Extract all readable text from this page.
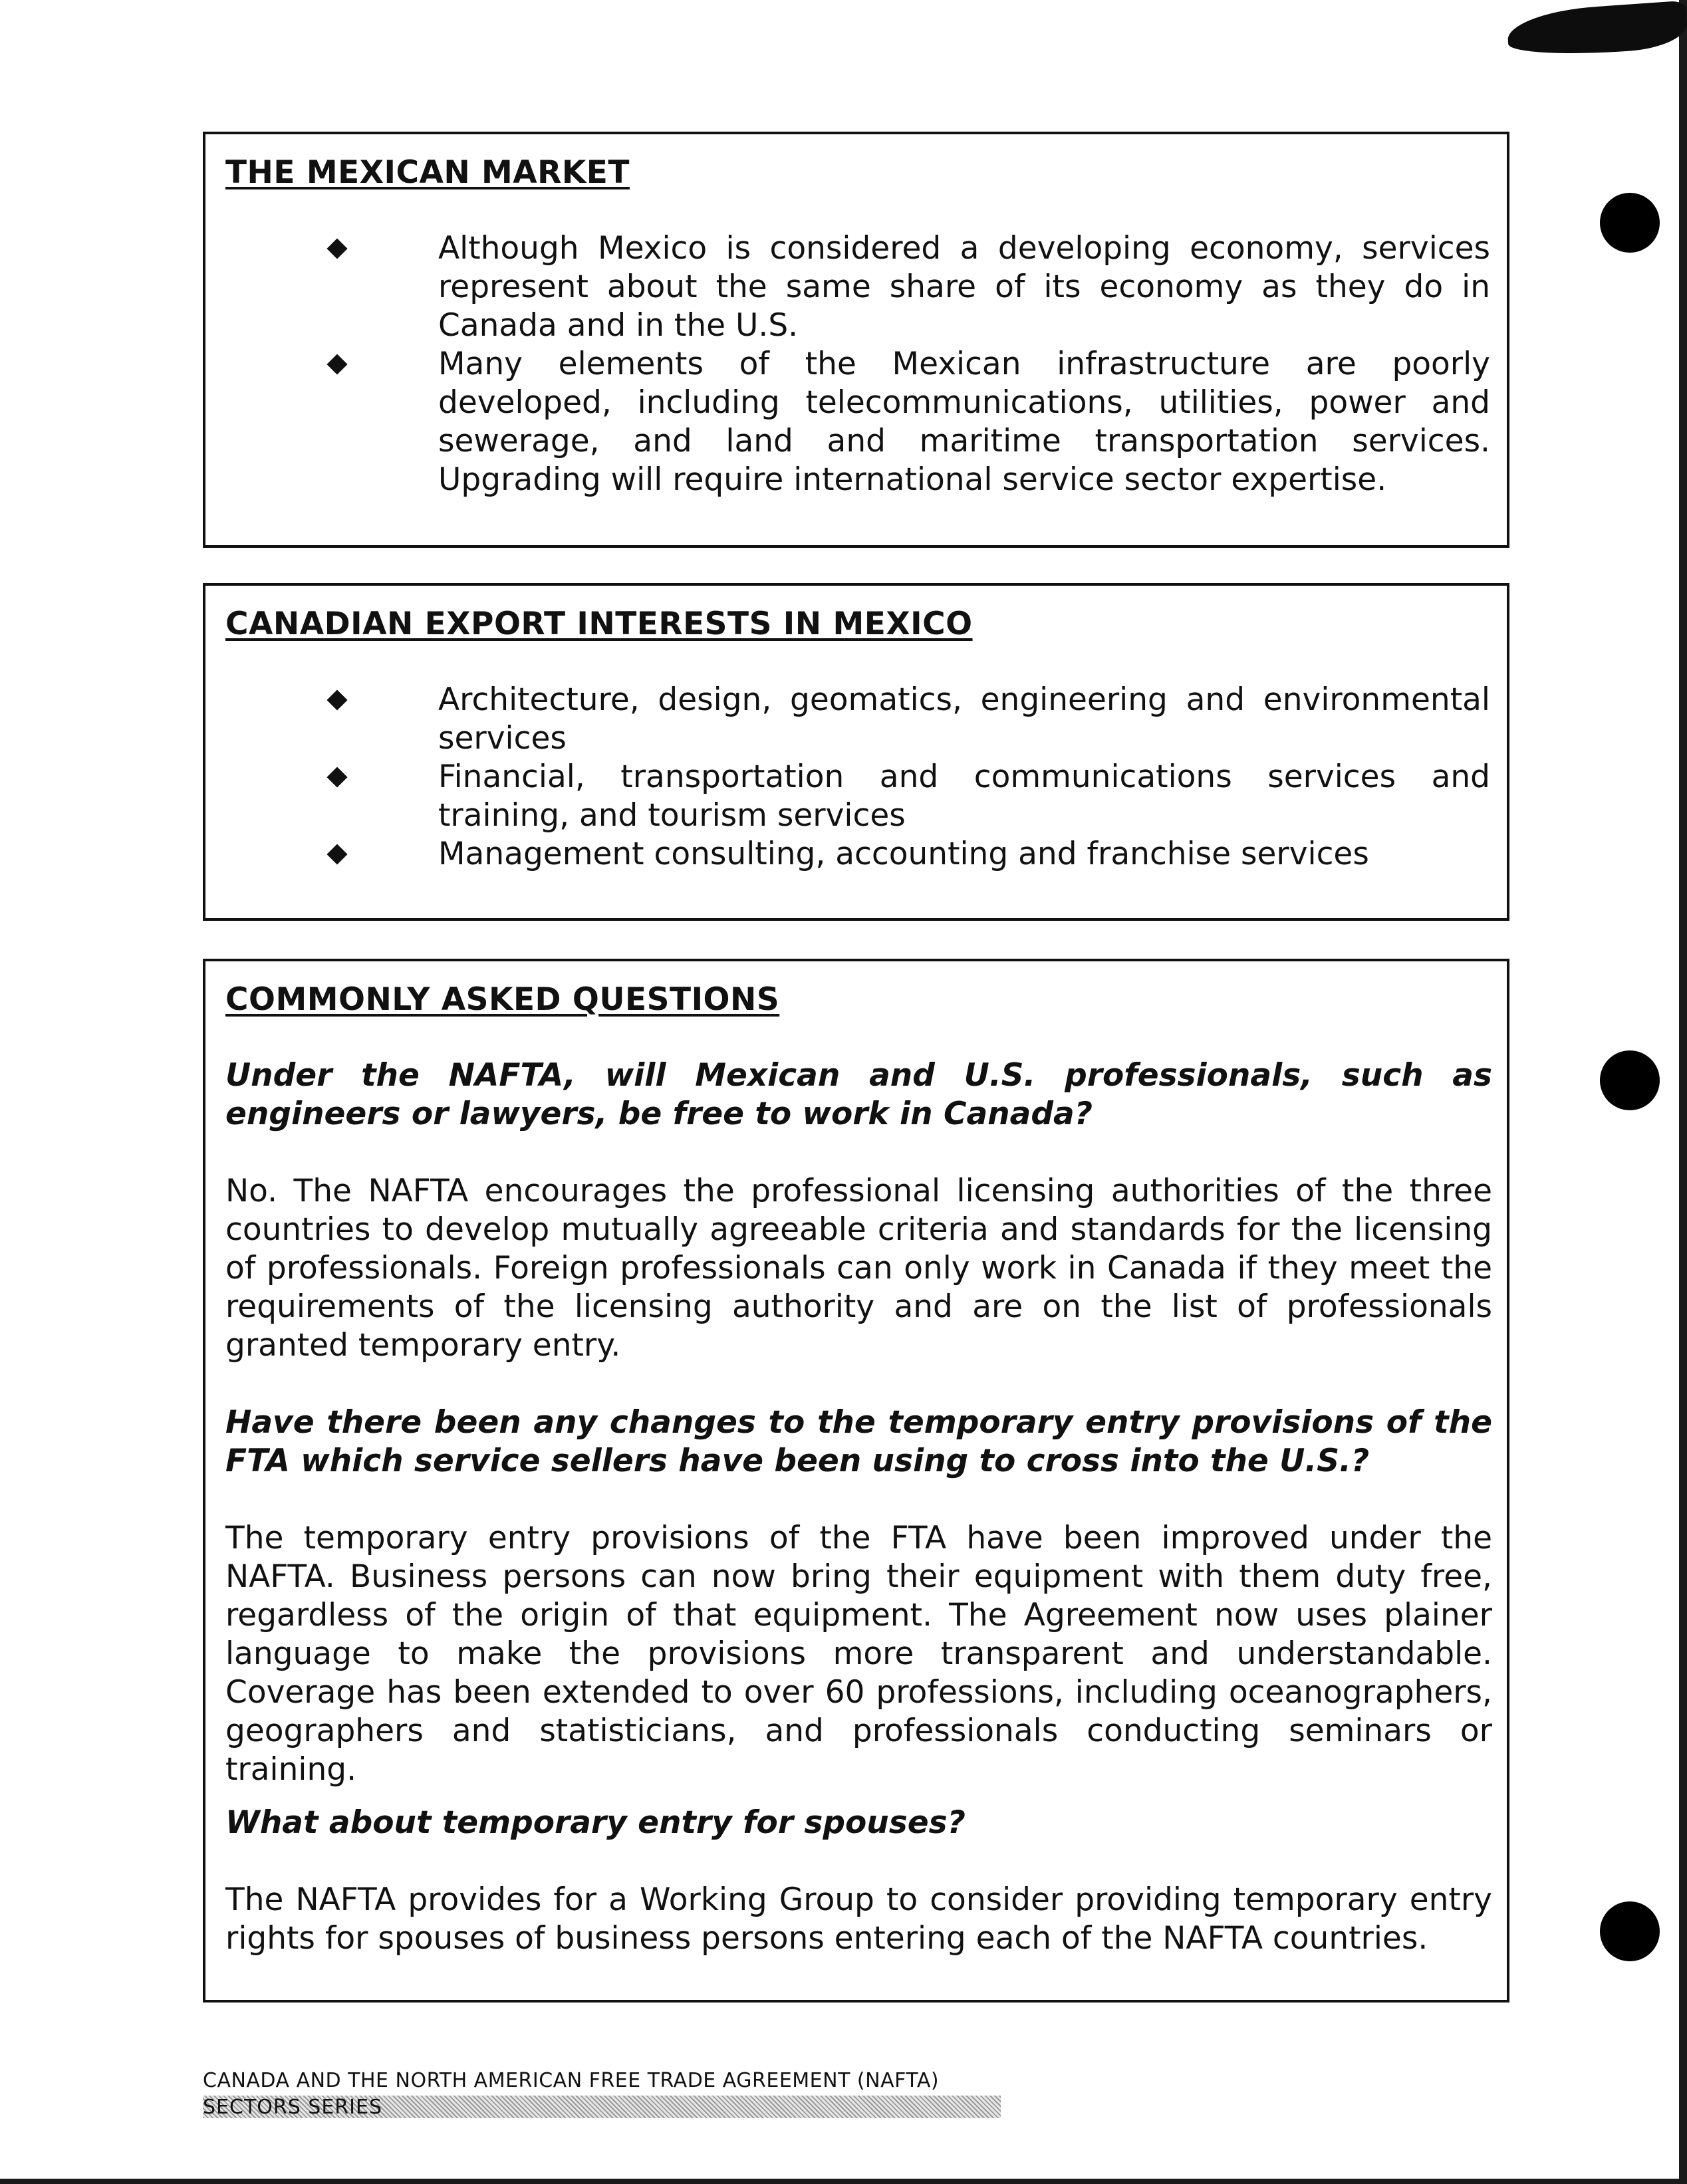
THE MEXICAN MARKET
Although Mexico is considered a developing economy, services represent about the same share of its economy as they do in Canada and in the U.S.
Many elements of the Mexican infrastructure are poorly developed, including telecommunications, utilities, power and sewerage, and land and maritime transportation services. Upgrading will require international service sector expertise.
CANADIAN EXPORT INTERESTS IN MEXICO
Architecture, design, geomatics, engineering and environmental services
Financial, transportation and communications services and training, and tourism services
Management consulting, accounting and franchise services
COMMONLY ASKED QUESTIONS

Under the NAFTA, will Mexican and U.S. professionals, such as engineers or lawyers, be free to work in Canada?

No. The NAFTA encourages the professional licensing authorities of the three countries to develop mutually agreeable criteria and standards for the licensing of professionals. Foreign professionals can only work in Canada if they meet the requirements of the licensing authority and are on the list of professionals granted temporary entry.

Have there been any changes to the temporary entry provisions of the FTA which service sellers have been using to cross into the U.S.?

The temporary entry provisions of the FTA have been improved under the NAFTA. Business persons can now bring their equipment with them duty free, regardless of the origin of that equipment. The Agreement now uses plainer language to make the provisions more transparent and understandable. Coverage has been extended to over 60 professions, including oceanographers, geographers and statisticians, and professionals conducting seminars or training.

What about temporary entry for spouses?

The NAFTA provides for a Working Group to consider providing temporary entry rights for spouses of business persons entering each of the NAFTA countries.

CANADA AND THE NORTH AMERICAN FREE TRADE AGREEMENT (NAFTA)
SECTORS SERIES
